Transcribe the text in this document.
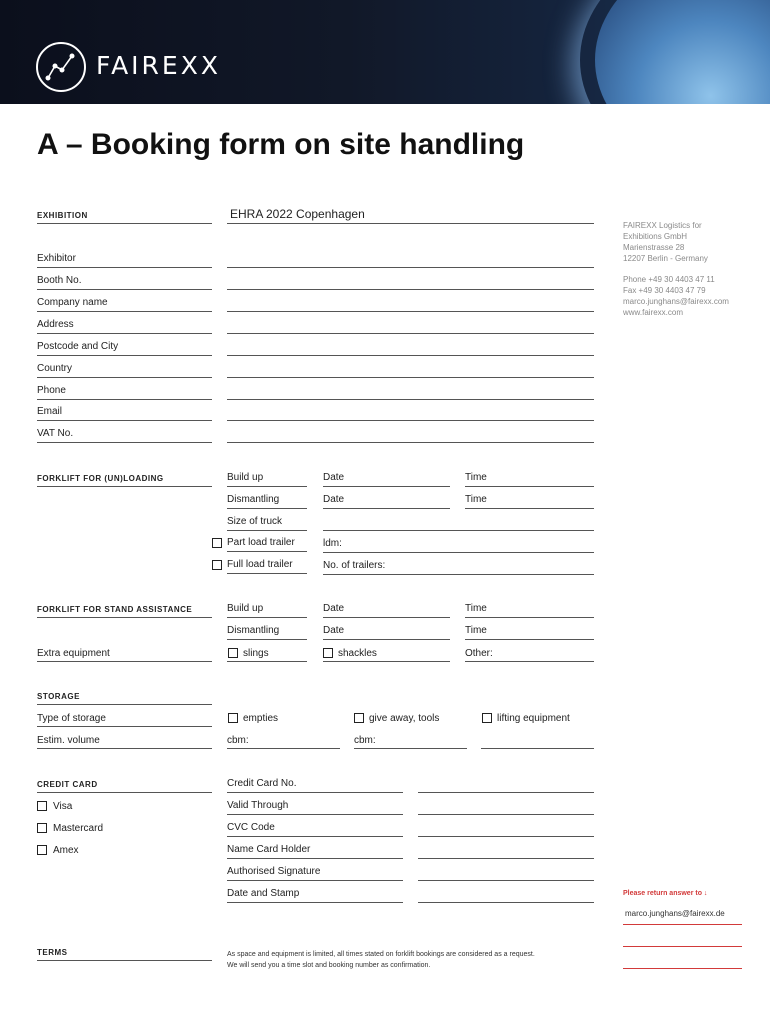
FAIREXX
A – Booking form on site handling
EXHIBITION	EHRA 2022 Copenhagen
FAIREXX Logistics for
Exhibitions GmbH
Marienstrasse 28
12207 Berlin - Germany
Phone +49 30 4403 47 11
Fax +49 30 4403 47 79
marco.junghans@fairexx.com
www.fairexx.com
Exhibitor
Booth No.
Company name
Address
Postcode and City
Country
Phone
Email
VAT No.
FORKLIFT FOR (UN)LOADING	Build up	Date	Time
Dismantling	Date	Time
Size of truck
Part load trailer	ldm:
Full load trailer	No. of trailers:
FORKLIFT FOR STAND ASSISTANCE	Build up	Date	Time
Dismantling	Date	Time
Extra equipment	slings	shackles	Other:
STORAGE
Type of storage	empties	give away, tools	lifting equipment
Estim. volume	cbm:	cbm:
CREDIT CARD
Visa
Mastercard
Amex
Credit Card No.
Valid Through
CVC Code
Name Card Holder
Authorised Signature
Date and Stamp	Please return answer to ↓
marco.junghans@fairexx.de
TERMS	As space and equipment is limited, all times stated on forklift bookings are considered as a request.
We will send you a time slot and booking number as confirmation.
